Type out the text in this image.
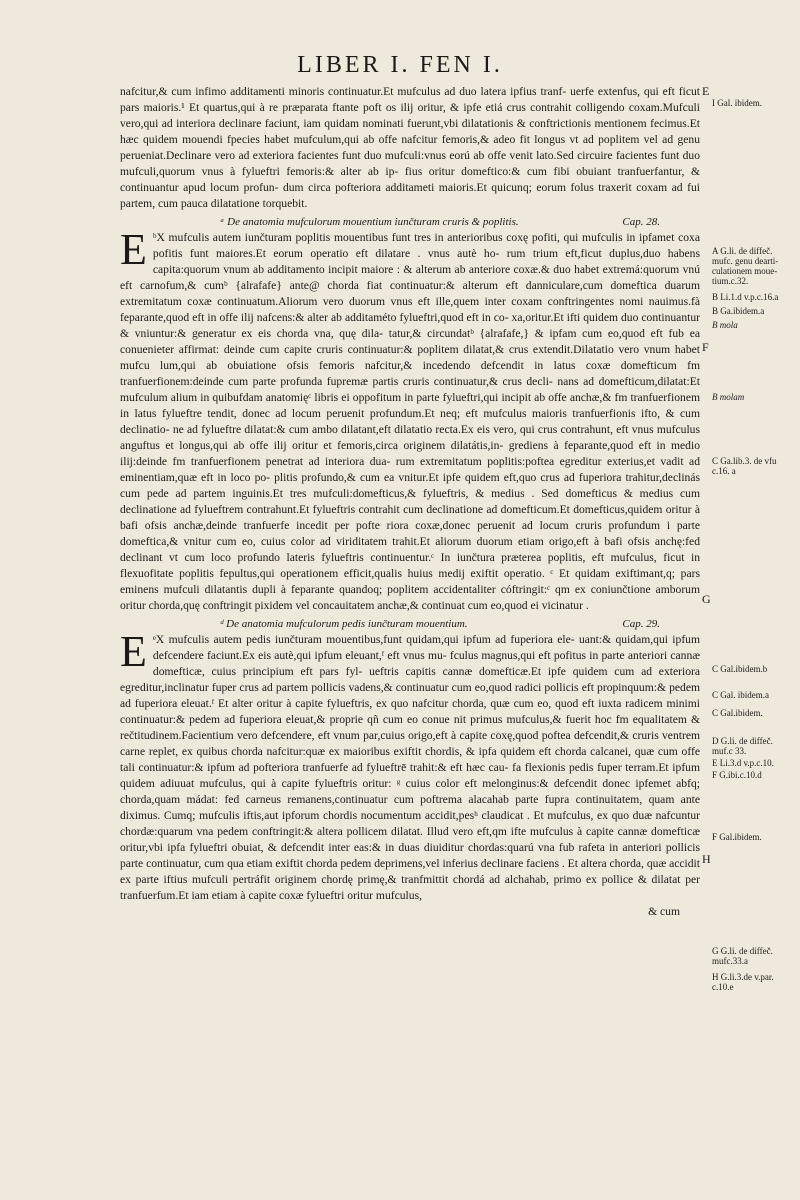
LIBER I. FEN I.

nafcitur,& cum infimo additamenti minoris continuatur.Et mufculus ad duo latera ipfius tranf- uerfe extenfus, qui eft ficut pars maioris.¹ Et quartus,qui à re præparata ftante poft os ilij oritur, & ipfe etiá crus contrahit colligendo coxam.Mufculi vero,qui ad interiora declinare faciunt, iam quidam nominati fuerunt,vbi dilatationis & conftrictionis mentionem fecimus.Et hæc quidem mouendi fpecies habet mufculum,qui ab offe nafcitur femoris,& adeo fit longus vt ad poplitem vel ad genu perueniat.Declinare vero ad exteriora facientes funt duo mufculi:vnus eorú ab offe venit lato.Sed circuire facientes funt duo mufculi,quorum vnus à fylueftri femoris:& alter ab ip- fius oritur domeftico:& cum fibi obuiant tranfuerfantur, & continuantur apud locum profun- dum circa pofteriora additameti maioris.Et quicunq; eorum folus traxerit coxam ad fui partem, cum pauca dilatatione torquebit.

ᵃ De anatomia mufculorum mouentium iunčturam cruris & poplitis.	Cap. 28.

EᵇX mufculis autem iunčturam poplitis mouentibus funt tres in anterioribus coxę pofiti, qui mufculis in ipfamet coxa pofitis funt maiores.Et eorum operatio eft dilatare . vnus autè ho- rum trium eft,ficut duplus,duo habens capita:quorum vnum ab additamento incipit maiore : & alterum ab anteriore coxæ.& duo habet extremá:quorum vnú eft carnofum,& cumᵇ {alrafafe} ante@ chorda fiat continuatur:& alterum eft danniculare,cum domeftica duarum extremitatum coxæ continuatum.Aliorum vero duorum vnus eft ille,quem inter coxam conftringentes nomi nauimus.fà feparante,quod eft in offe ilij nafcens:& alter ab additaméto fylueftri,quod eft in co- xa,oritur.Et ifti quidem duo continuantur & vniuntur:& generatur ex eis chorda vna, quę dila- tatur,& circundatᵇ {alrafafe,} & ipfam cum eo,quod eft fub ea conuenieter affirmat: deinde cum capite cruris continuatur:& poplitem dilatat,& crus extendit.Dilatatio vero vnum habet mufcu lum,qui ab obuiatione ofsis femoris nafcitur,& incedendo defcendit in latus coxæ domefticum fm tranfuerfionem:deinde cum parte profunda fupremæ partis cruris continuatur,& crus decli- nans ad domefticum,dilatat:Et mufculum alium in quibufdam anatomięᶜ libris ei oppofitum in parte fylueftri,qui incipit ab offe anchæ,& fm tranfuerfionem in latus fylueftre tendit, donec ad locum peruenit profundum.Et neq; eft mufculus maioris tranfuerfionis ifto, & cum declinatio- ne ad fylueftre dilatat:& cum ambo dilatant,eft dilatatio recta.Ex eis vero, qui crus contrahunt, eft vnus mufculus anguftus et longus,qui ab offe ilij oritur et femoris,circa originem dilatátis,in- grediens à feparante,quod eft in medio ilij:deinde fm tranfuerfionem penetrat ad interiora dua- rum extremitatum poplitis:poftea egreditur exterius,et vadit ad eminentiam,quæ eft in loco po- plitis profundo,& cum ea vnitur.Et ipfe quidem eft,quo crus ad fuperiora trahitur,declinás cum pede ad partem inguinis.Et tres mufculi:domefticus,& fylueftris, & medius . Sed domefticus & medius cum declinatione ad fylueftrem contrahunt.Et fylueftris contrahit cum declinatione ad domefticum.Et domefticus,quidem oritur à bafi ofsis anchæ,deinde tranfuerfe incedit per pofte riora coxæ,donec peruenit ad locum cruris profundum i parte domeftica,& vnitur cum eo, cuius color ad viriditatem trahit.Et aliorum duorum etiam origo,eft à bafi ofsis anchę:fed declinant vt cum loco profundo lateris fylueftris continuentur.ᶜ In iunčtura præterea poplitis, eft mufculus, ficut in flexuofitate poplitis fepultus,qui operationem efficit,qualis huius medij exiftit operatio. ᶜ Et quidam exiftimant,q; pars eminens mufculi dilatantis dupli à feparante quandoq; poplitem accidentaliter cóftringit:ᶜ qm ex coniunčtione amborum oritur chorda,quę conftringit pixidem vel concauitatem anchæ,& continuat cum eo,quod ei vicinatur .

ᵈ De anatomia mufculorum pedis iunčturam mouentium.	Cap. 29.

EᵉX mufculis autem pedis iunčturam mouentibus,funt quidam,qui ipfum ad fuperiora ele- uant:& quidam,qui ipfum defcendere faciunt.Ex eis autè,qui ipfum eleuant,ᶠ eft vnus mu- fculus magnus,qui eft pofitus in parte anteriori cannæ domefticæ, cuius principium eft pars fyl- ueftris capitis cannæ domefticæ.Et ipfe quidem cum ad exteriora egreditur,inclinatur fuper crus ad partem pollicis vadens,& continuatur cum eo,quod radici pollicis eft propinquum:& pedem ad fuperiora eleuat.ᶠ Et alter oritur à capite fylueftris, ex quo nafcitur chorda, quæ cum eo, quod eft iuxta radicem minimi continuatur:& pedem ad fuperiora eleuat,& proprie qñ cum eo conue nit primus mufculus,& fuerit hoc fm equalitatem & rečtitudinem.Facientium vero defcendere, eft vnum par,cuius origo,eft à capite coxę,quod poftea defcendit,& cruris ventrem carne replet, ex quibus chorda nafcitur:quæ ex maioribus exiftit chordis, & ipfa quidem eft chorda calcanei, quæ cum offe tali continuatur:& ipfum ad pofteriora tranfuerfe ad fylueftrē trahit:& eft hæc cau- fa flexionis pedis fuper terram.Et ipfum quidem adiuuat mufculus, qui à capite fylueftris oritur: ᵍ cuius color eft melonginus:& defcendit donec ipfemet abfq; chorda,quam mádat: fed carneus remanens,continuatur cum poftrema alacahab parte fupra continuitatem, quam ante diximus. Cumq; mufculis iftis,aut ipforum chordis nocumentum accidit,pesʰ claudicat . Et mufculus, ex quo duæ nafcuntur chordæ:quarum vna pedem conftringit:& altera pollicem dilatat. Illud vero eft,qm ifte mufculus à capite cannæ domefticæ oritur,vbi ipfa fylueftri obuiat, & defcendit inter eas:& in duas diuiditur chordas:quarú vna fub rafeta in anteriori pollicis parte continuatur, cum qua etiam exiftit chorda pedem deprimens,vel inferius declinare faciens . Et altera chorda, quæ accidit ex parte iftius mufculi pertráfit originem chordę primę,& tranfmittit chordá ad alchahab, primo ex pollice & dilatat per tranfuerfum.Et iam etiam à capite coxæ fylueftri oritur mufculus,

& cum

E
F
G
H
I Gal. ibidem.
A G.li. de diffeč. mufc. genu dearti- culationem moue- tium.c.32.
B Li.1.d v.p.c.16.a
B Ga.ibidem.a
B mola
B molam
C Ga.lib.3. de vfu c.16. a
C Gal.ibidem.b
C Gal. ibidem.a
C Gal.ibidem.
D G.li. de diffeč. muf.c 33.
E Li.3.d v.p.c.10.
F G.ibi.c.10.d
F Gal.ibidem.
G G.li. de diffeč. mufc.33.a
H G.li.3.de v.par. c.10.e
